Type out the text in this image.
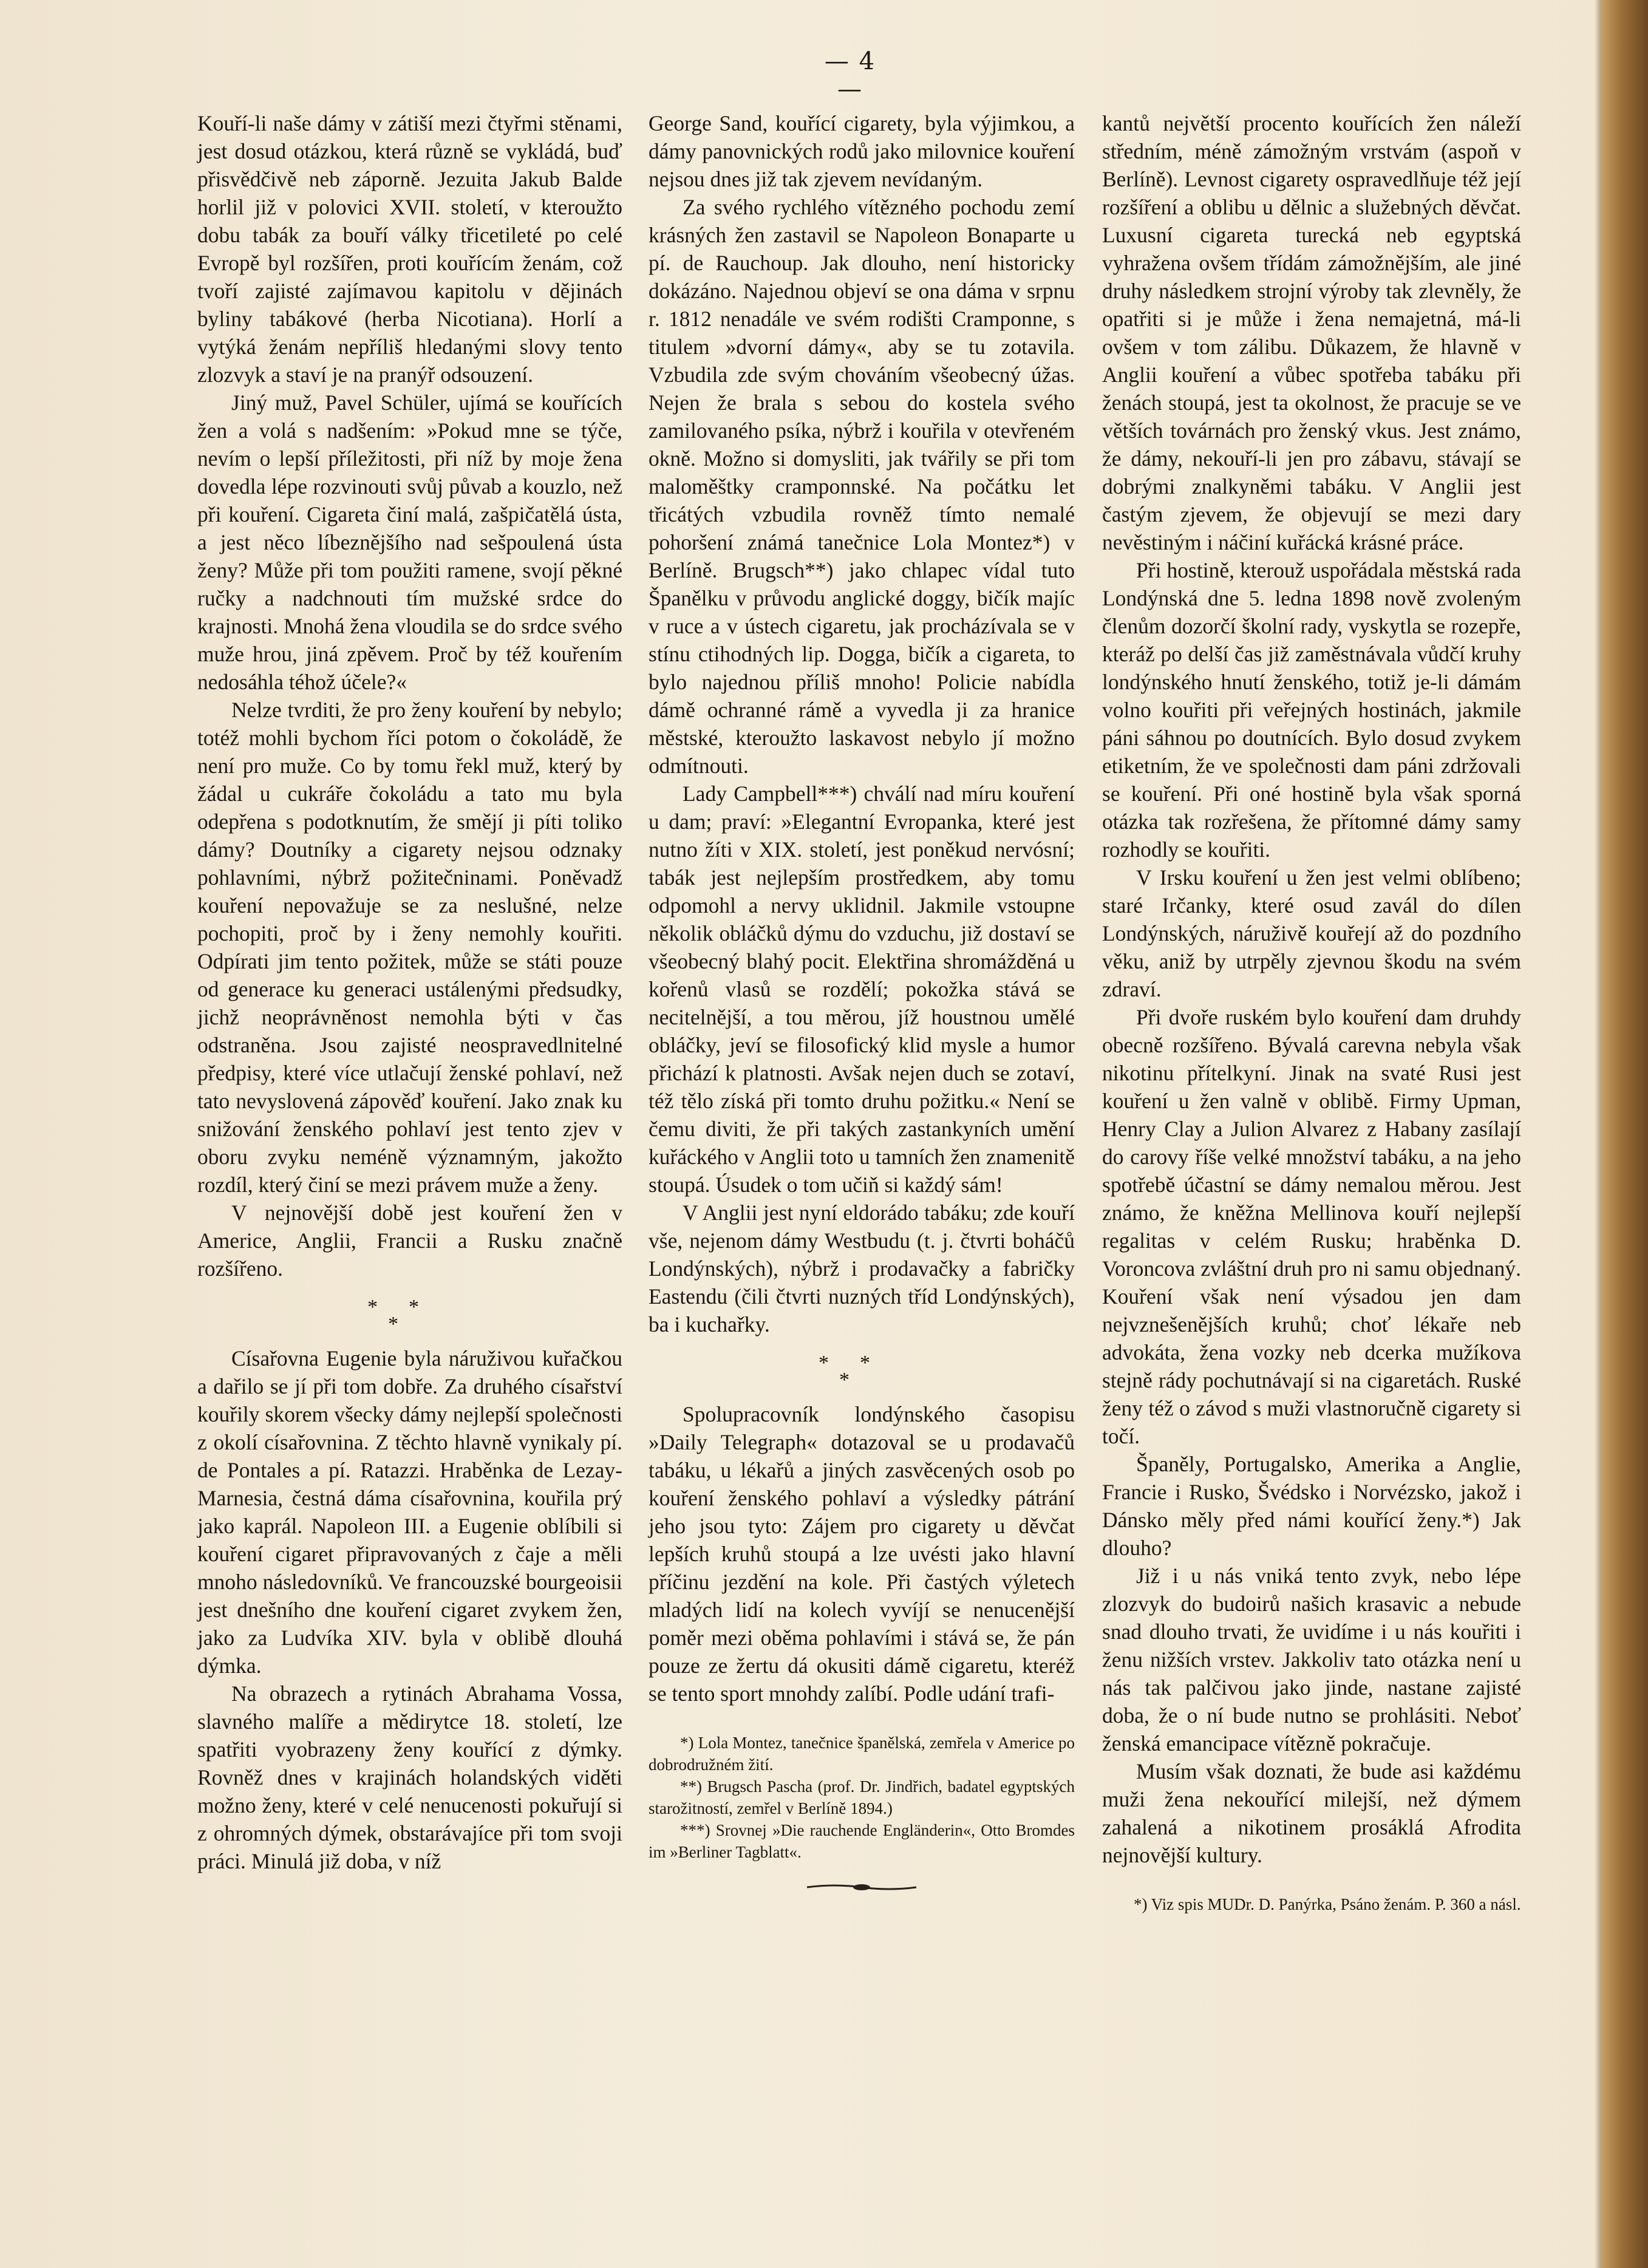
— 4 —

Kouří-li naše dámy v zátiší mezi čtyřmi stěnami, jest dosud otázkou, která různě se vykládá, buď přisvědčivě neb záporně. Jezuita Jakub Balde horlil již v polovici XVII. století, v kteroužto dobu tabák za bouří války třicetileté po celé Evropě byl rozšířen, proti kouřícím ženám, což tvoří zajisté zajímavou kapitolu v dějinách byliny tabákové (herba Nicotiana). Horlí a vytýká ženám nepříliš hledanými slovy tento zlozvyk a staví je na pranýř odsouzení.

Jiný muž, Pavel Schüler, ujímá se kouřících žen a volá s nadšením: »Pokud mne se týče, nevím o lepší příležitosti, při níž by moje žena dovedla lépe rozvinouti svůj půvab a kouzlo, než při kouření. Cigareta činí malá, zašpičatělá ústa, a jest něco líbeznějšího nad sešpoulená ústa ženy? Může při tom použiti ramene, svojí pěkné ručky a nadchnouti tím mužské srdce do krajnosti. Mnohá žena vloudila se do srdce svého muže hrou, jiná zpěvem. Proč by též kouřením nedosáhla téhož účele?«

Nelze tvrditi, že pro ženy kouření by nebylo; totéž mohli bychom říci potom o čokoládě, že není pro muže. Co by tomu řekl muž, který by žádal u cukráře čokoládu a tato mu byla odepřena s podotknutím, že smějí ji píti toliko dámy? Doutníky a cigarety nejsou odznaky pohlavními, nýbrž požitečninami. Poněvadž kouření nepovažuje se za neslušné, nelze pochopiti, proč by i ženy nemohly kouřiti. Odpírati jim tento požitek, může se státi pouze od generace ku generaci ustálenými předsudky, jichž neoprávněnost nemohla býti v čas odstraněna. Jsou zajisté neospravedlnitelné předpisy, které více utlačují ženské pohlaví, než tato nevyslovená zápověď kouření. Jako znak ku snižování ženského pohlaví jest tento zjev v oboru zvyku neméně významným, jakožto rozdíl, který činí se mezi právem muže a ženy.

V nejnovější době jest kouření žen v Americe, Anglii, Francii a Rusku značně rozšířeno.

* *
*

Císařovna Eugenie byla náruživou kuřačkou a dařilo se jí při tom dobře. Za druhého císařství kouřily skorem všecky dámy nejlepší společnosti z okolí císařovnina. Z těchto hlavně vynikaly pí. de Pontales a pí. Ratazzi. Hraběnka de Lezay-Marnesia, čestná dáma císařovnina, kouřila prý jako kaprál. Napoleon III. a Eugenie oblíbili si kouření cigaret připravovaných z čaje a měli mnoho následovníků. Ve francouzské bourgeoisii jest dnešního dne kouření cigaret zvykem žen, jako za Ludvíka XIV. byla v oblibě dlouhá dýmka.

Na obrazech a rytinách Abrahama Vossa, slavného malíře a mědirytce 18. století, lze spatřiti vyobrazeny ženy kouřící z dýmky. Rovněž dnes v krajinách holandských viděti možno ženy, které v celé nenucenosti pokuřují si z ohromných dýmek, obstarávajíce při tom svoji práci. Minulá již doba, v níž

George Sand, kouřící cigarety, byla výjimkou, a dámy panovnických rodů jako milovnice kouření nejsou dnes již tak zjevem nevídaným.

Za svého rychlého vítězného pochodu zemí krásných žen zastavil se Napoleon Bonaparte u pí. de Rauchoup. Jak dlouho, není historicky dokázáno. Najednou objeví se ona dáma v srpnu r. 1812 nenadále ve svém rodišti Cramponne, s titulem »dvorní dámy«, aby se tu zotavila. Vzbudila zde svým chováním všeobecný úžas. Nejen že brala s sebou do kostela svého zamilovaného psíka, nýbrž i kouřila v otevřeném okně. Možno si domysliti, jak tvářily se při tom maloměštky cramponnské. Na počátku let třicátých vzbudila rovněž tímto nemalé pohoršení známá tanečnice Lola Montez*) v Berlíně. Brugsch**) jako chlapec vídal tuto Španělku v průvodu anglické doggy, bičík majíc v ruce a v ústech cigaretu, jak procházívala se v stínu ctihodných lip. Dogga, bičík a cigareta, to bylo najednou příliš mnoho! Policie nabídla dámě ochranné rámě a vyvedla ji za hranice městské, kteroužto laskavost nebylo jí možno odmítnouti.

Lady Campbell***) chválí nad míru kouření u dam; praví: »Elegantní Evropanka, které jest nutno žíti v XIX. století, jest poněkud nervósní; tabák jest nejlepším prostředkem, aby tomu odpomohl a nervy uklidnil. Jakmile vstoupne několik obláčků dýmu do vzduchu, již dostaví se všeobecný blahý pocit. Elektřina shromážděná u kořenů vlasů se rozdělí; pokožka stává se necitelnější, a tou měrou, jíž houstnou umělé obláčky, jeví se filosofický klid mysle a humor přichází k platnosti. Avšak nejen duch se zotaví, též tělo získá při tomto druhu požitku.« Není se čemu diviti, že při takých zastankyních umění kuřáckého v Anglii toto u tamních žen znamenitě stoupá. Úsudek o tom učiň si každý sám!

V Anglii jest nyní eldorádo tabáku; zde kouří vše, nejenom dámy Westbudu (t. j. čtvrti boháčů Londýnských), nýbrž i prodavačky a fabričky Eastendu (čili čtvrti nuzných tříd Londýnských), ba i kuchařky.

* *
*

Spolupracovník londýnského časopisu »Daily Telegraph« dotazoval se u prodavačů tabáku, u lékařů a jiných zasvěcených osob po kouření ženského pohlaví a výsledky pátrání jeho jsou tyto: Zájem pro cigarety u děvčat lepších kruhů stoupá a lze uvésti jako hlavní příčinu jezdění na kole. Při častých výletech mladých lidí na kolech vyvíjí se nenucenější poměr mezi oběma pohlavími i stává se, že pán pouze ze žertu dá okusiti dámě cigaretu, kteréž se tento sport mnohdy zalíbí. Podle udání trafi-

*) Lola Montez, tanečnice španělská, zemřela v Americe po dobrodružném žití.

**) Brugsch Pascha (prof. Dr. Jindřich, badatel egyptských starožitností, zemřel v Berlíně 1894.)

***) Srovnej »Die rauchende Engländerin«, Otto Bromdes im »Berliner Tagblatt«.

kantů největší procento kouřících žen náleží středním, méně zámožným vrstvám (aspoň v Berlíně). Levnost cigarety ospravedlňuje též její rozšíření a oblibu u dělnic a služebných děvčat. Luxusní cigareta turecká neb egyptská vyhražena ovšem třídám zámožnějším, ale jiné druhy následkem strojní výroby tak zlevněly, že opatřiti si je může i žena nemajetná, má-li ovšem v tom zálibu. Důkazem, že hlavně v Anglii kouření a vůbec spotřeba tabáku při ženách stoupá, jest ta okolnost, že pracuje se ve větších továrnách pro ženský vkus. Jest známo, že dámy, nekouří-li jen pro zábavu, stávají se dobrými znalkyněmi tabáku. V Anglii jest častým zjevem, že objevují se mezi dary nevěstiným i náčiní kuřácká krásné práce.

Při hostině, kterouž uspořádala městská rada Londýnská dne 5. ledna 1898 nově zvoleným členům dozorčí školní rady, vyskytla se rozepře, kteráž po delší čas již zaměstnávala vůdčí kruhy londýnského hnutí ženského, totiž je-li dámám volno kouřiti při veřejných hostinách, jakmile páni sáhnou po doutnících. Bylo dosud zvykem etiketním, že ve společnosti dam páni zdržovali se kouření. Při oné hostině byla však sporná otázka tak rozřešena, že přítomné dámy samy rozhodly se kouřiti.

V Irsku kouření u žen jest velmi oblíbeno; staré Irčanky, které osud zavál do dílen Londýnských, náruživě kouřejí až do pozdního věku, aniž by utrpěly zjevnou škodu na svém zdraví.

Při dvoře ruském bylo kouření dam druhdy obecně rozšířeno. Bývalá carevna nebyla však nikotinu přítelkyní. Jinak na svaté Rusi jest kouření u žen valně v oblibě. Firmy Upman, Henry Clay a Julion Alvarez z Habany zasílají do carovy říše velké množství tabáku, a na jeho spotřebě účastní se dámy nemalou měrou. Jest známo, že kněžna Mellinova kouří nejlepší regalitas v celém Rusku; hraběnka D. Voroncova zvláštní druh pro ni samu objednaný. Kouření však není výsadou jen dam nejvznešenějších kruhů; choť lékaře neb advokáta, žena vozky neb dcerka mužíkova stejně rády pochutnávají si na cigaretách. Ruské ženy též o závod s muži vlastnoručně cigarety si točí.

Španěly, Portugalsko, Amerika a Anglie, Francie i Rusko, Švédsko i Norvézsko, jakož i Dánsko měly před námi kouřící ženy.*) Jak dlouho?

Již i u nás vniká tento zvyk, nebo lépe zlozvyk do budoirů našich krasavic a nebude snad dlouho trvati, že uvidíme i u nás kouřiti i ženu nižších vrstev. Jakkoliv tato otázka není u nás tak palčivou jako jinde, nastane zajisté doba, že o ní bude nutno se prohlásiti. Neboť ženská emancipace vítězně pokračuje.

Musím však doznati, že bude asi každému muži žena nekouřící milejší, než dýmem zahalená a nikotinem prosáklá Afrodita nejnovější kultury.

*) Viz spis MUDr. D. Panýrka, Psáno ženám. P. 360 a násl.
